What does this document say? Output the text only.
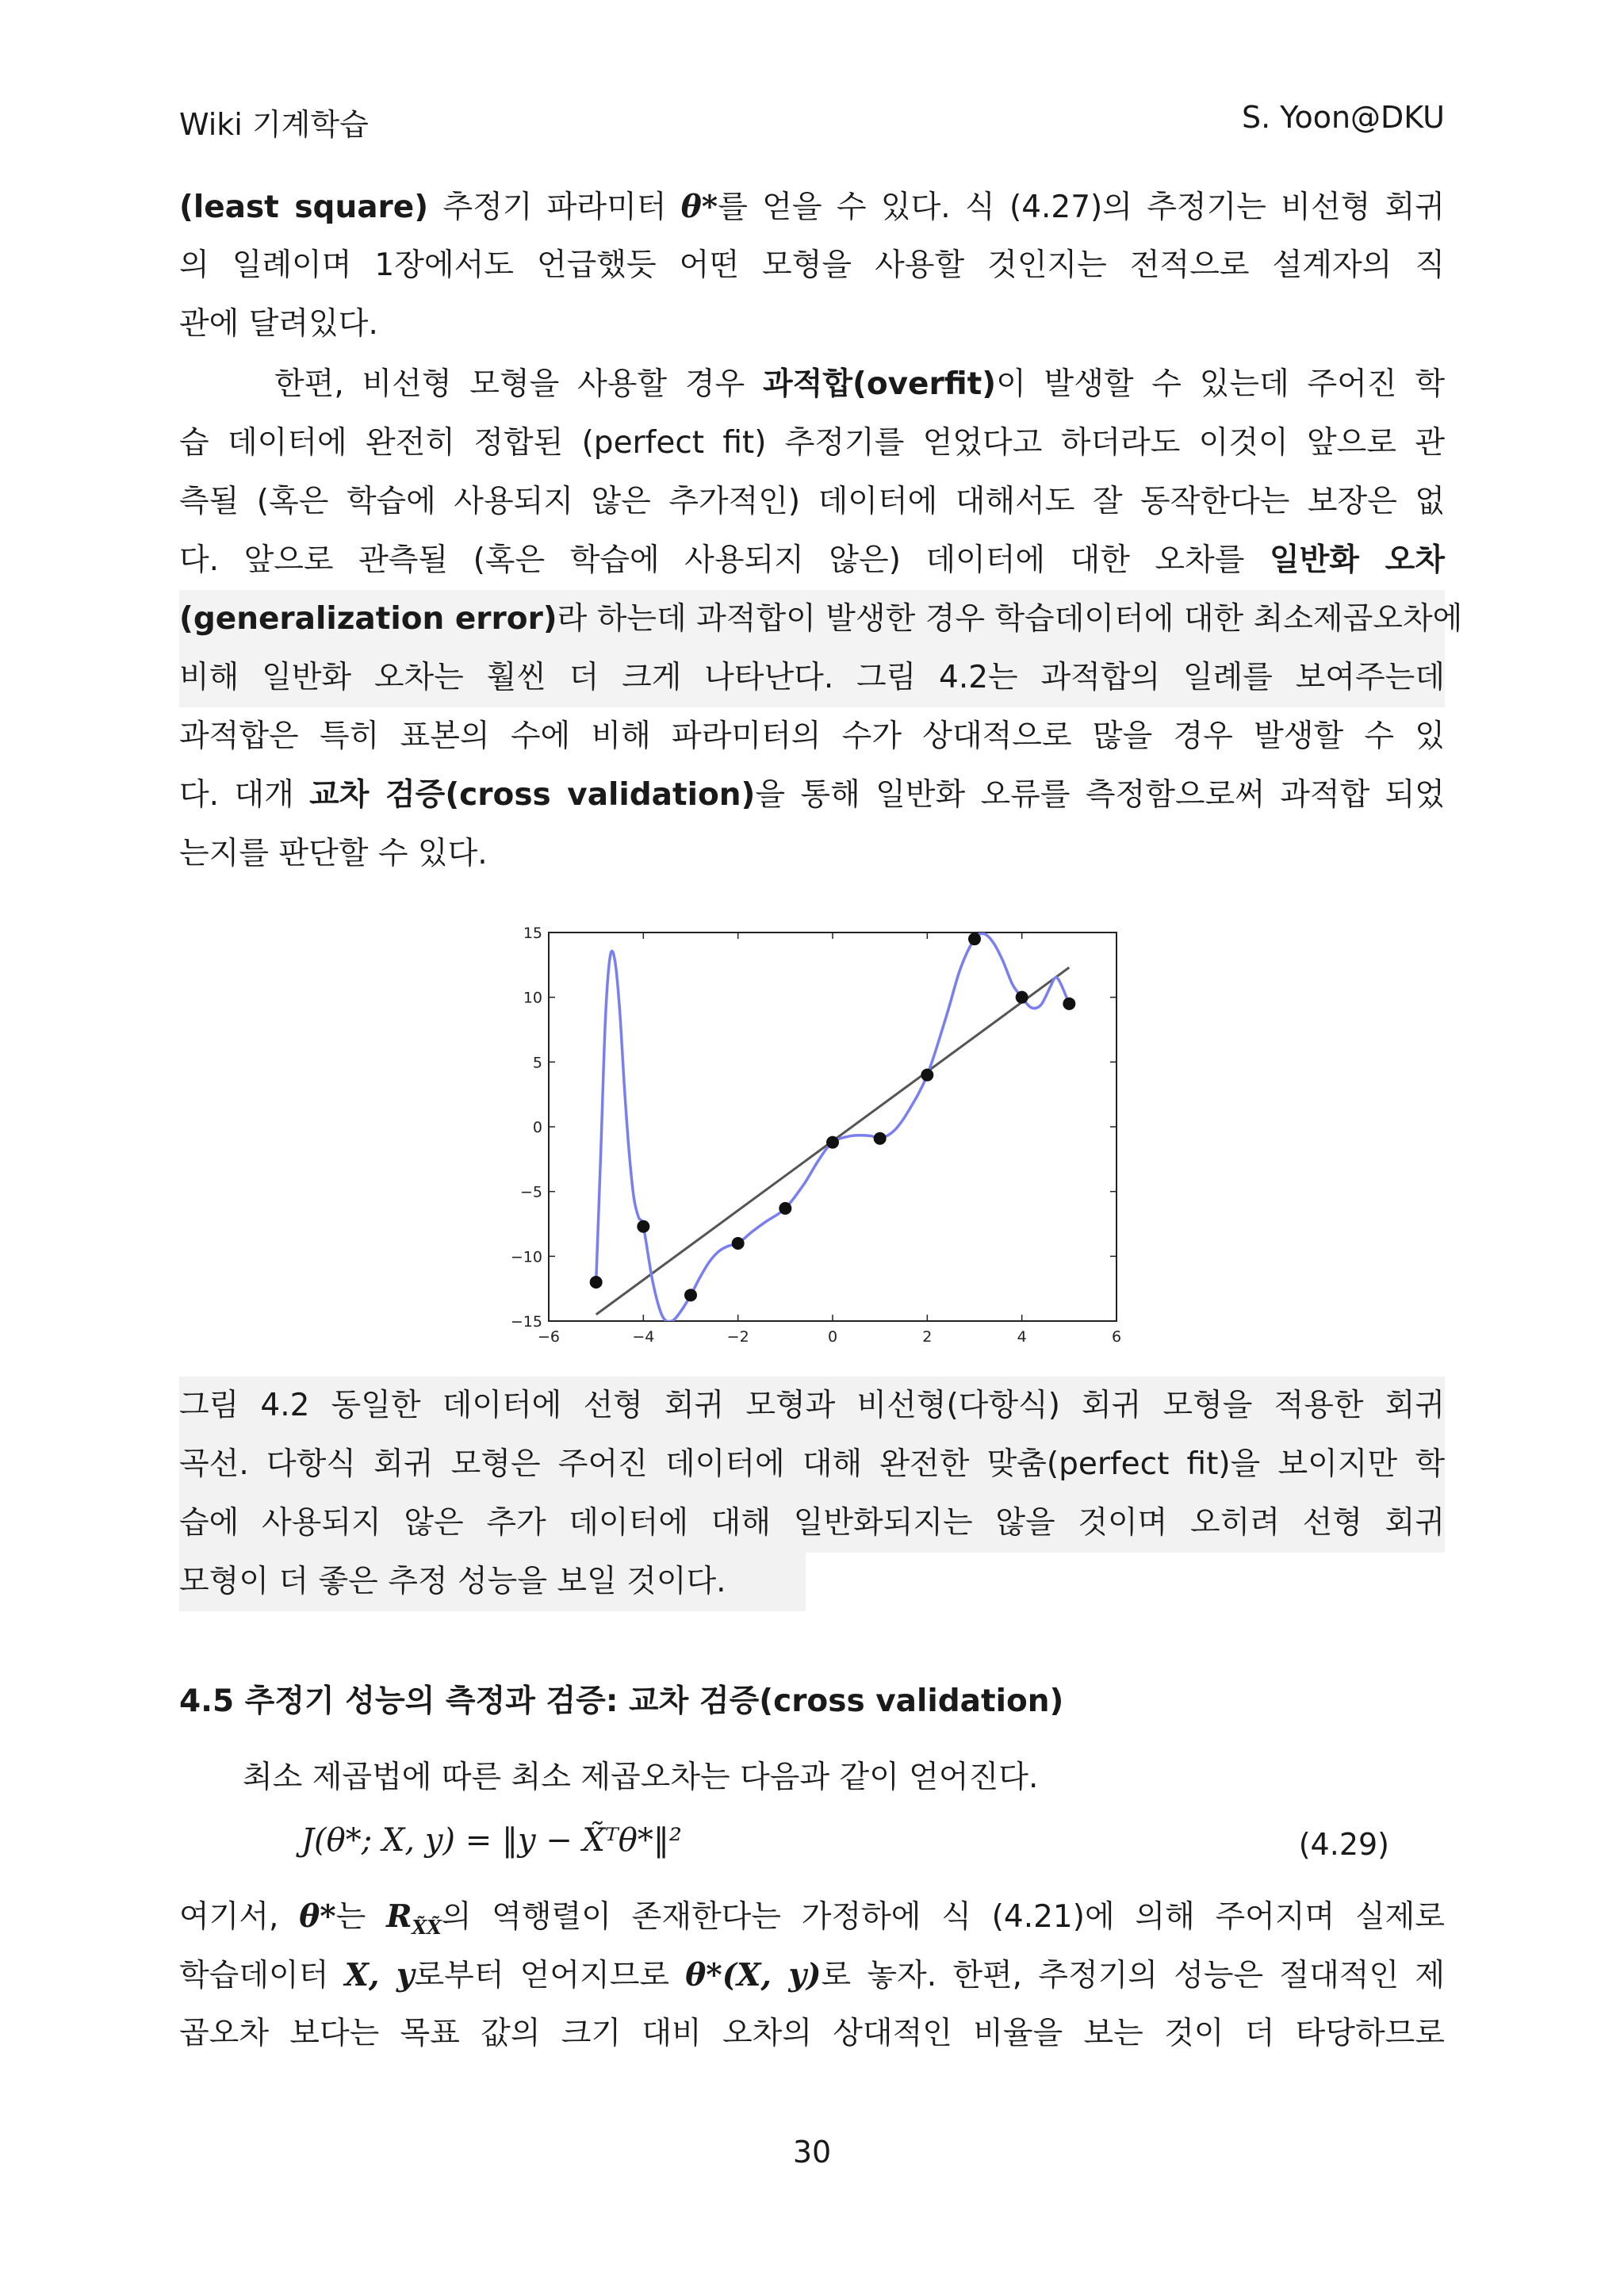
Wiki 기계학습	S. Yoon@DKU
(least square) 추정기 파라미터 θ*를 얻을 수 있다. 식 (4.27)의 추정기는 비선형 회귀
의 일례이며 1장에서도 언급했듯 어떤 모형을 사용할 것인지는 전적으로 설계자의 직
관에 달려있다.
한편, 비선형 모형을 사용할 경우 과적합(overfit)이 발생할 수 있는데 주어진 학
습 데이터에 완전히 정합된 (perfect fit) 추정기를 얻었다고 하더라도 이것이 앞으로 관
측될 (혹은 학습에 사용되지 않은 추가적인) 데이터에 대해서도 잘 동작한다는 보장은 없
다. 앞으로 관측될 (혹은 학습에 사용되지 않은) 데이터에 대한 오차를 일반화 오차
(generalization error)라 하는데 과적합이 발생한 경우 학습데이터에 대한 최소제곱오차에
비해 일반화 오차는 훨씬 더 크게 나타난다. 그림 4.2는 과적합의 일례를 보여주는데
과적합은 특히 표본의 수에 비해 파라미터의 수가 상대적으로 많을 경우 발생할 수 있
다. 대개 교차 검증(cross validation)을 통해 일반화 오류를 측정함으로써 과적합 되었
는지를 판단할 수 있다.
−6	−4	−2	0	2	4	6
15
10
5
0
−5
−10
−15
그림 4.2 동일한 데이터에 선형 회귀 모형과 비선형(다항식) 회귀 모형을 적용한 회귀
곡선. 다항식 회귀 모형은 주어진 데이터에 대해 완전한 맞춤(perfect fit)을 보이지만 학
습에 사용되지 않은 추가 데이터에 대해 일반화되지는 않을 것이며 오히려 선형 회귀
모형이 더 좋은 추정 성능을 보일 것이다.
4.5 추정기 성능의 측정과 검증: 교차 검증(cross validation)
최소 제곱법에 따른 최소 제곱오차는 다음과 같이 얻어진다.
J(θ*; X, y) = ‖y − X̃ᵀθ*‖²	(4.29)
여기서, θ*는 $R_{X̃X̃}$의 역행렬이 존재한다는 가정하에 식 (4.21)에 의해 주어지며 실제로
학습데이터 X, y로부터 얻어지므로 θ*(X, y)로 놓자. 한편, 추정기의 성능은 절대적인 제
곱오차 보다는 목표 값의 크기 대비 오차의 상대적인 비율을 보는 것이 더 타당하므로
30
